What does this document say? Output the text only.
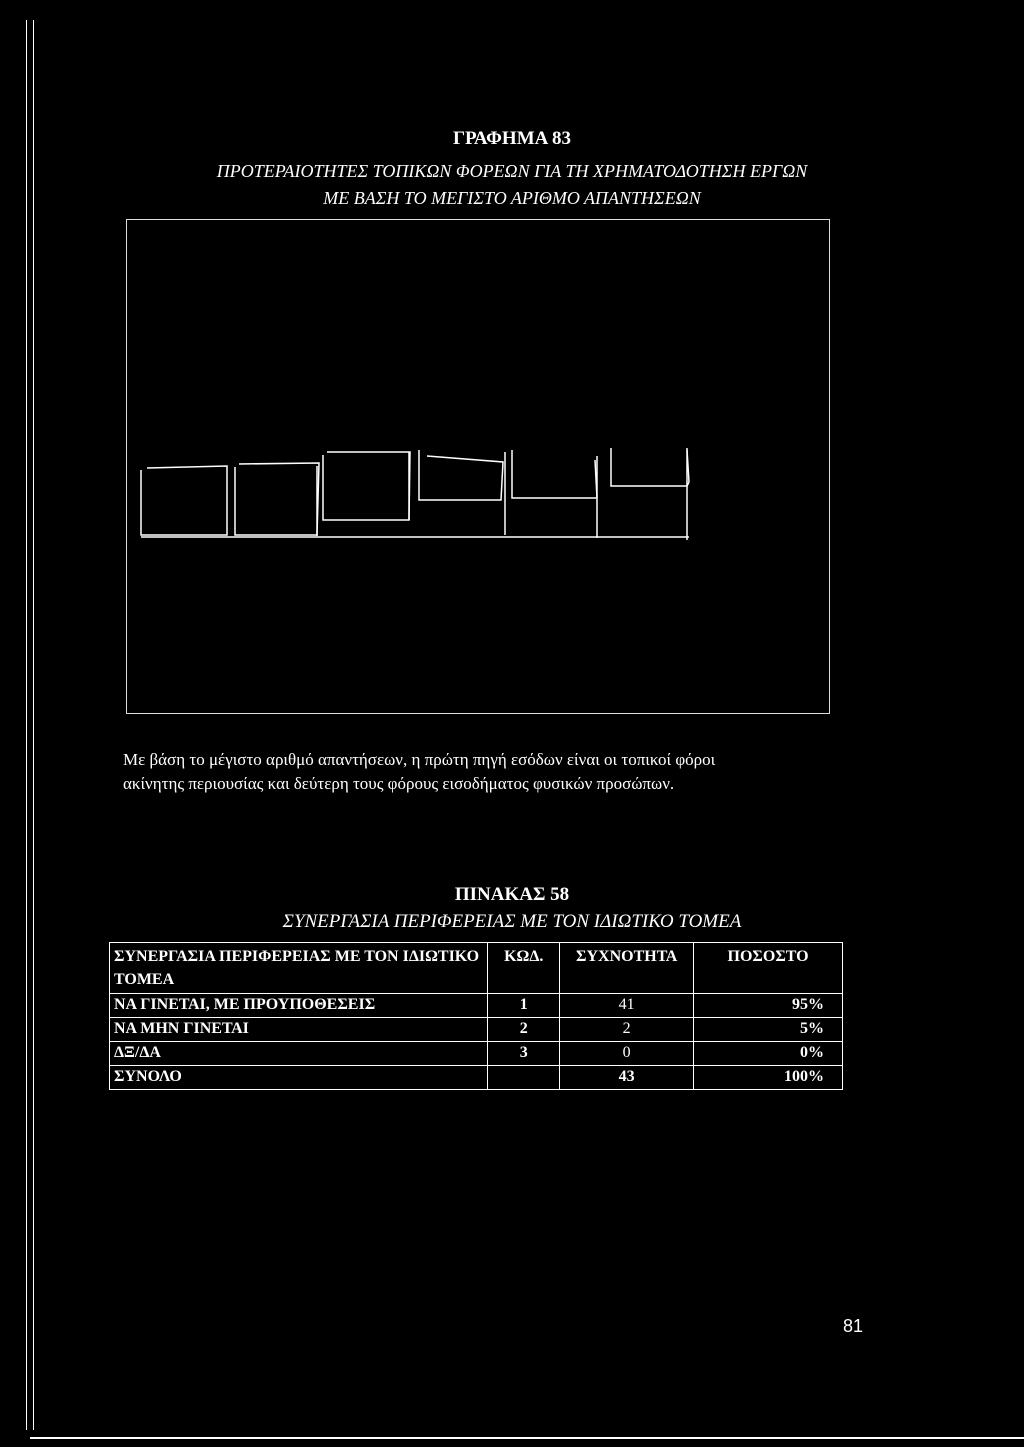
ΓΡΑΦΗΜΑ 83
ΠΡΟΤΕΡΑΙΟΤΗΤΕΣ ΤΟΠΙΚΩΝ ΦΟΡΕΩΝ ΓΙΑ ΤΗ ΧΡΗΜΑΤΟΔΟΤΗΣΗ ΕΡΓΩΝ
ΜΕ ΒΑΣΗ ΤΟ ΜΕΓΙΣΤΟ ΑΡΙΘΜΟ ΑΠΑΝΤΗΣΕΩΝ

Με βάση το μέγιστο αριθμό απαντήσεων, η πρώτη πηγή εσόδων είναι οι τοπικοί φόροι

ακίνητης περιουσίας και δεύτερη τους φόρους εισοδήματος φυσικών προσώπων.

ΠΙΝΑΚΑΣ 58
ΣΥΝΕΡΓΑΣΙΑ ΠΕΡΙΦΕΡΕΙΑΣ ΜΕ ΤΟΝ ΙΔΙΩΤΙΚΟ ΤΟΜΕΑ
ΣΥΝΕΡΓΑΣΙΑ ΠΕΡΙΦΕΡΕΙΑΣ ΜΕ ΤΟΝ ΙΔΙΩΤΙΚΟ ΤΟΜΕΑ	ΚΩΔ.	ΣΥΧΝΟΤΗΤΑ	ΠΟΣΟΣΤΟ
ΝΑ ΓΙΝΕΤΑΙ, ΜΕ ΠΡΟΥΠΟΘΕΣΕΙΣ	1	41	95%
ΝΑ ΜΗΝ ΓΙΝΕΤΑΙ	2	2	5%
ΔΞ/ΔΑ	3	0	0%
ΣΥΝΟΛΟ		43	100%
81
